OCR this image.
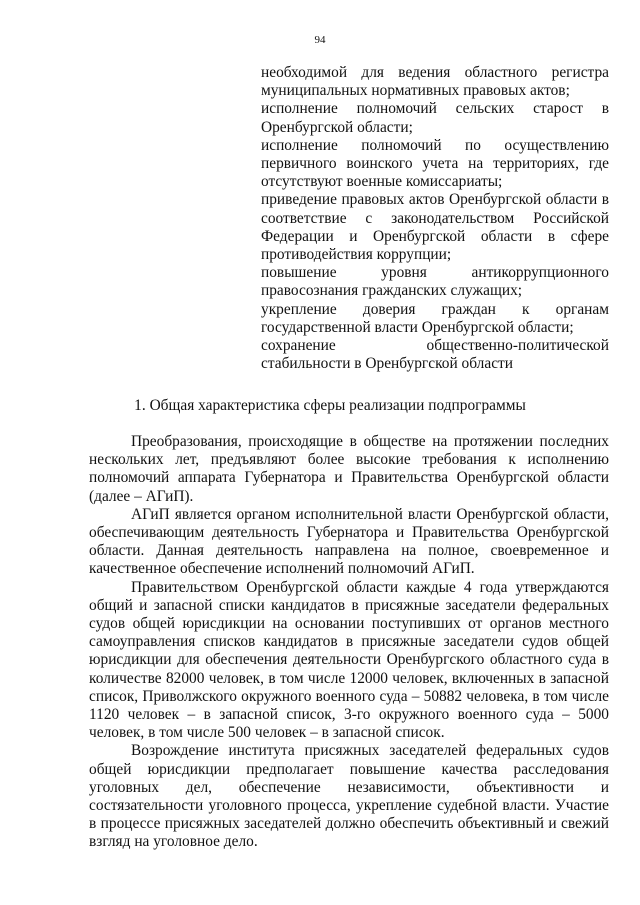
94

необходимой для ведения областного регистра муниципальных нормативных правовых актов;

исполнение полномочий сельских старост в Оренбургской области;

исполнение полномочий по осуществлению первичного воинского учета на территориях, где отсутствуют военные комиссариаты;

приведение правовых актов Оренбургской области в соответствие с законодательством Российской Федерации и Оренбургской области в сфере противодействия коррупции;

повышение уровня антикоррупционного правосознания гражданских служащих;

укрепление доверия граждан к органам государственной власти Оренбургской области;

сохранение общественно-политической стабильности в Оренбургской области

1. Общая характеристика сферы реализации подпрограммы

Преобразования, происходящие в обществе на протяжении последних нескольких лет, предъявляют более высокие требования к исполнению полномочий аппарата Губернатора и Правительства Оренбургской области (далее – АГиП).

АГиП является органом исполнительной власти Оренбургской области, обеспечивающим деятельность Губернатора и Правительства Оренбургской области. Данная деятельность направлена на полное, своевременное и качественное обеспечение исполнений полномочий АГиП.

Правительством Оренбургской области каждые 4 года утверждаются общий и запасной списки кандидатов в присяжные заседатели федеральных судов общей юрисдикции на основании поступивших от органов местного самоуправления списков кандидатов в присяжные заседатели судов общей юрисдикции для обеспечения деятельности Оренбургского областного суда в количестве 82000 человек, в том числе 12000 человек, включенных в запасной список, Приволжского окружного военного суда – 50882 человека, в том числе 1120 человек – в запасной список, 3-го окружного военного суда – 5000 человек, в том числе 500 человек – в запасной список.

Возрождение института присяжных заседателей федеральных судов общей юрисдикции предполагает повышение качества расследования уголовных дел, обеспечение независимости, объективности и состязательности уголовного процесса, укрепление судебной власти. Участие в процессе присяжных заседателей должно обеспечить объективный и свежий взгляд на уголовное дело.
